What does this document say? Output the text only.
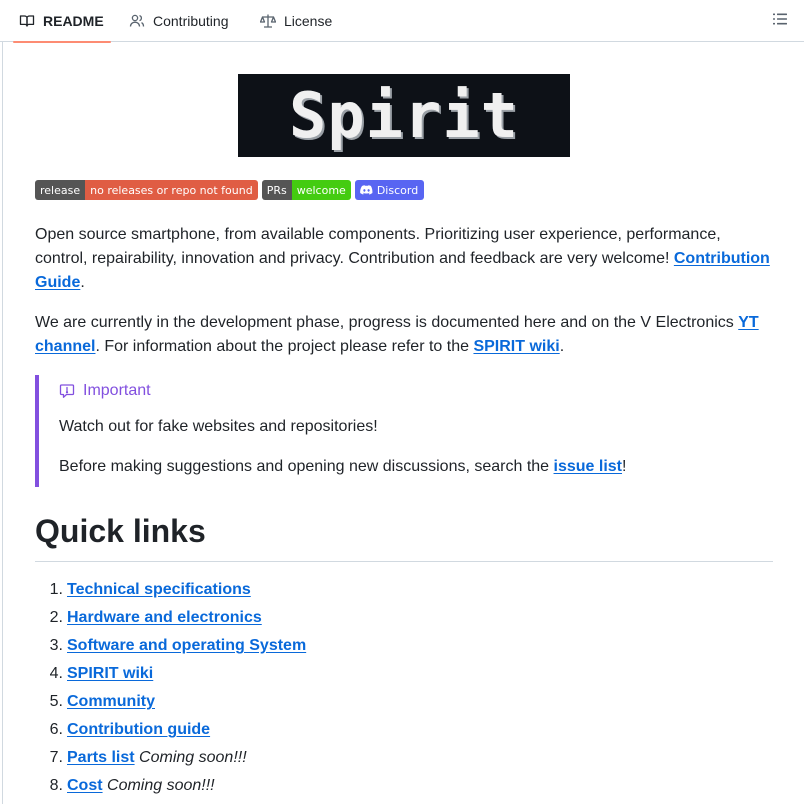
README	Contributing	License
Spirit
release no releases or repo not found	PRs welcome	Discord

Open source smartphone, from available components. Prioritizing user experience, performance, control, repairability, innovation and privacy. Contribution and feedback are very welcome! Contribution Guide.

We are currently in the development phase, progress is documented here and on the V Electronics YT channel. For information about the project please refer to the SPIRIT wiki.

Important

Watch out for fake websites and repositories!

Before making suggestions and opening new discussions, search the issue list!

Quick links
1. Technical specifications
2. Hardware and electronics
3. Software and operating System
4. SPIRIT wiki
5. Community
6. Contribution guide
7. Parts list Coming soon!!!
8. Cost Coming soon!!!
